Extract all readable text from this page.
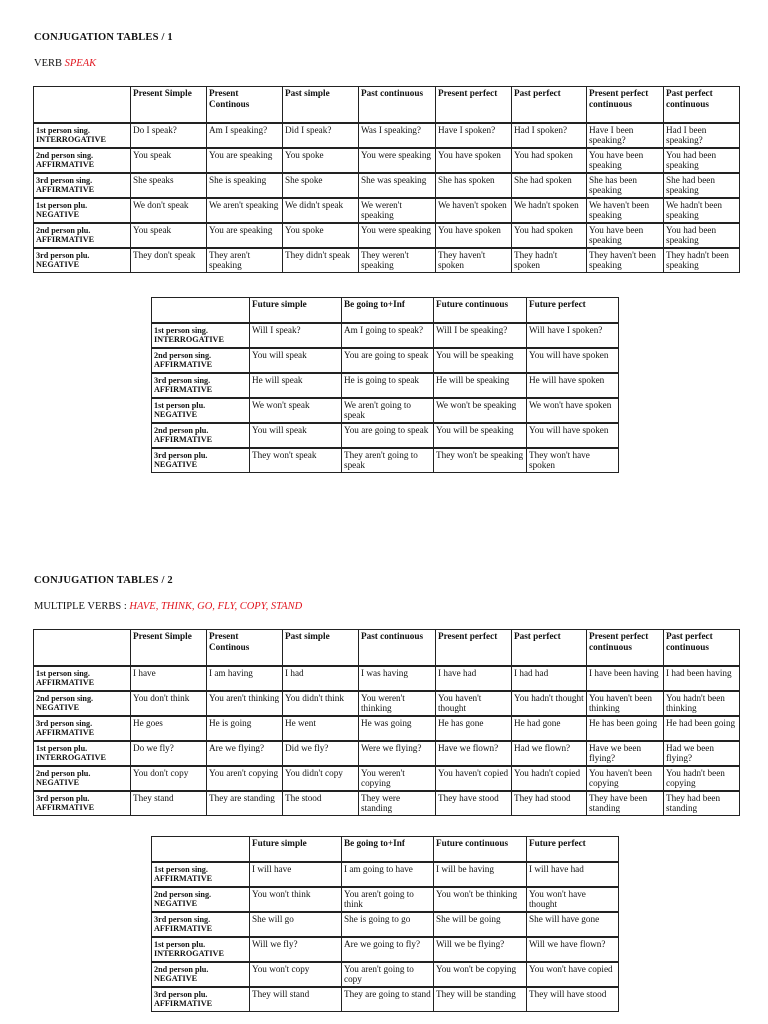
CONJUGATION TABLES / 1
VERB SPEAK
	Present Simple	Present Continous	Past simple	Past continuous	Present perfect	Past perfect	Present perfect continuous	Past perfect continuous
1st person sing. INTERROGATIVE	Do I speak?	Am I speaking?	Did I speak?	Was I speaking?	Have I spoken?	Had I spoken?	Have I been speaking?	Had I been speaking?
2nd person sing. AFFIRMATIVE	You speak	You are speaking	You spoke	You were speaking	You have spoken	You had spoken	You have been speaking	You had been speaking
3rd person sing. AFFIRMATIVE	She speaks	She is speaking	She spoke	She was speaking	She has spoken	She had spoken	She has been speaking	She had been speaking
1st person plu. NEGATIVE	We don't speak	We aren't speaking	We didn't speak	We weren't speaking	We haven't spoken	We hadn't spoken	We haven't been speaking	We hadn't been speaking
2nd person plu. AFFIRMATIVE	You speak	You are speaking	You spoke	You were speaking	You have spoken	You had spoken	You have been speaking	You had been speaking
3rd person plu. NEGATIVE	They don't speak	They aren't speaking	They didn't speak	They weren't speaking	They haven't spoken	They hadn't spoken	They haven't been speaking	They hadn't been speaking
	Future simple	Be going to+Inf	Future continuous	Future perfect
1st person sing. INTERROGATIVE	Will I speak?	Am I going to speak?	Will I be speaking?	Will have I spoken?
2nd person sing. AFFIRMATIVE	You will speak	You are going to speak	You will be speaking	You will have spoken
3rd person sing. AFFIRMATIVE	He will speak	He is going to speak	He will be speaking	He will have spoken
1st person plu. NEGATIVE	We won't speak	We aren't going to speak	We won't be speaking	We won't have spoken
2nd person plu. AFFIRMATIVE	You will speak	You are going to speak	You will be speaking	You will have spoken
3rd person plu. NEGATIVE	They won't speak	They aren't going to speak	They won't be speaking	They won't have spoken
CONJUGATION TABLES / 2
MULTIPLE VERBS : HAVE, THINK, GO, FLY, COPY, STAND
	Present Simple	Present Continous	Past simple	Past continuous	Present perfect	Past perfect	Present perfect continuous	Past perfect continuous
1st person sing. AFFIRMATIVE	I have	I am having	I had	I was having	I have had	I had had	I have been having	I had been having
2nd person sing. NEGATIVE	You don't think	You aren't thinking	You didn't think	You weren't thinking	You haven't thought	You hadn't thought	You haven't been thinking	You hadn't been thinking
3rd person sing. AFFIRMATIVE	He goes	He is going	He went	He was going	He has gone	He had gone	He has been going	He had been going
1st person plu. INTERROGATIVE	Do we fly?	Are we flying?	Did we fly?	Were we flying?	Have we flown?	Had we flown?	Have we been flying?	Had we been flying?
2nd person plu. NEGATIVE	You don't copy	You aren't copying	You didn't copy	You weren't copying	You haven't copied	You hadn't copied	You haven't been copying	You hadn't been copying
3rd person plu. AFFIRMATIVE	They stand	They are standing	The stood	They were standing	They have stood	They had stood	They have been standing	They had been standing
	Future simple	Be going to+Inf	Future continuous	Future perfect
1st person sing. AFFIRMATIVE	I will have	I am going to have	I will be having	I will have had
2nd person sing. NEGATIVE	You won't think	You aren't going to think	You won't be thinking	You won't have thought
3rd person sing. AFFIRMATIVE	She will go	She is going to go	She will be going	She will have gone
1st person plu. INTERROGATIVE	Will we fly?	Are we going to fly?	Will we be flying?	Will we have flown?
2nd person plu. NEGATIVE	You won't copy	You aren't going to copy	You won't be copying	You won't have copied
3rd person plu. AFFIRMATIVE	They will stand	They are going to stand	They will be standing	They will have stood
